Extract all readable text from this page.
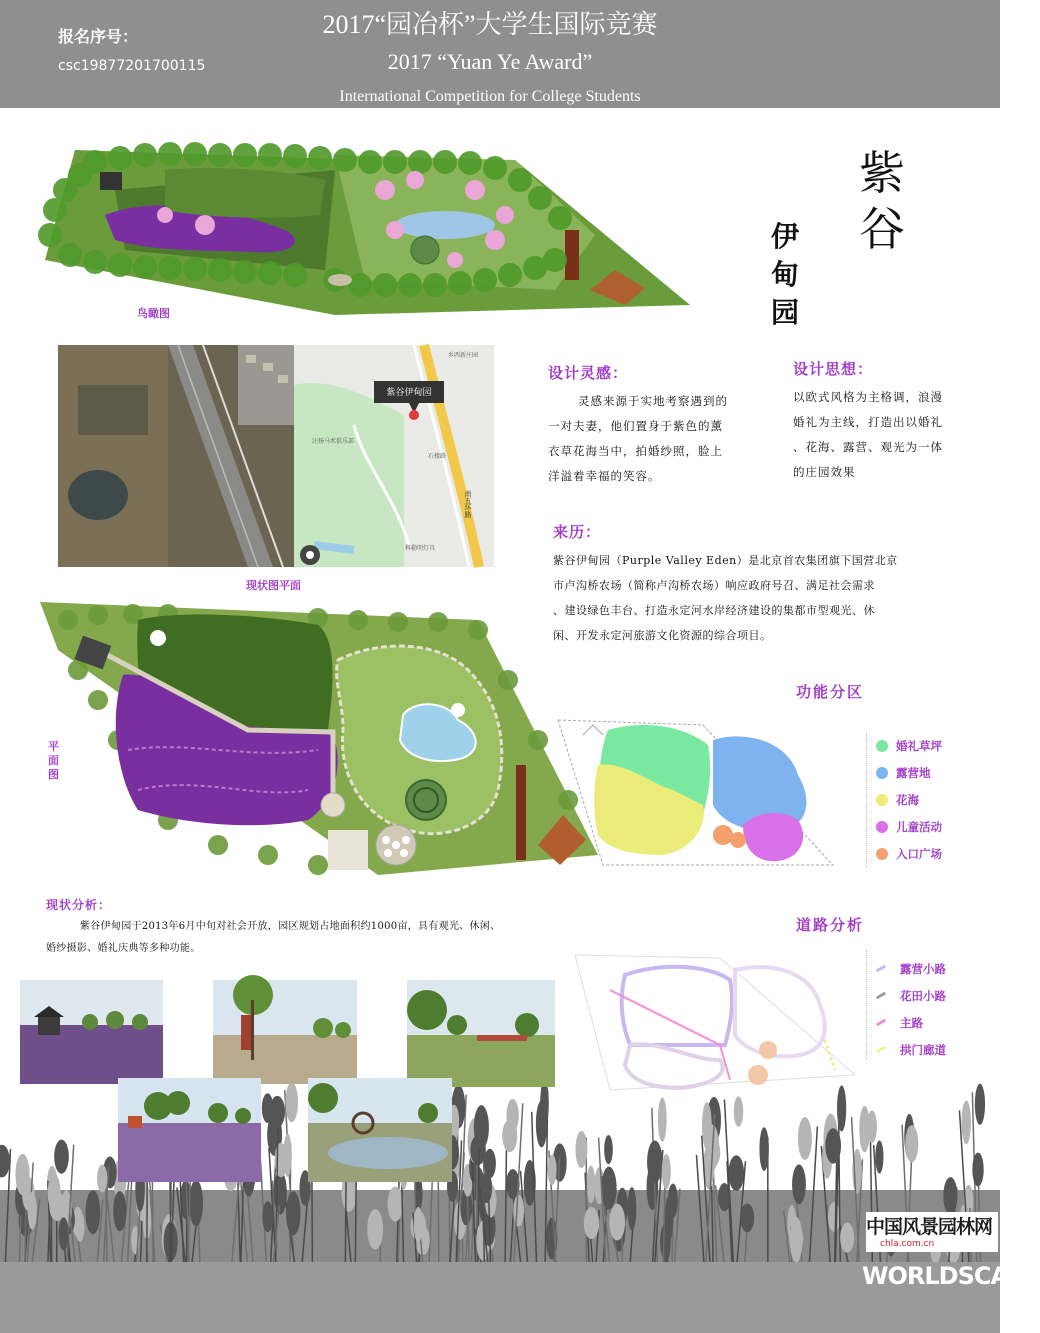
报名序号：
csc19877201700115
2017“园冶杯”大学生国际竞赛
2017 “Yuan Ye Award”
International Competition for College Students
鸟瞰图
紫
谷
伊
甸
园
紫谷伊甸园
乡西新庄园
南五环路
科勒明灯具
汪扬马术俱乐部
石楼路
现状图平面
设计灵感：
灵感来源于实地考察遇到的
一对夫妻，他们置身于紫色的薰
衣草花海当中，拍婚纱照，脸上
洋溢着幸福的笑容。
设计思想：
以欧式风格为主格调，浪漫
婚礼为主线，打造出以婚礼
、花海、露营、观光为一体
的庄园效果
来历：
紫谷伊甸园（Purple Valley Eden）是北京首农集团旗下国营北京
市卢沟桥农场（简称卢沟桥农场）响应政府号召、满足社会需求
、建设绿色丰台、打造永定河水岸经济建设的集都市型观光、休
闲、开发永定河旅游文化资源的综合项目。
平
面
图
功能分区
婚礼草坪
露营地
花海
儿童活动
入口广场
现状分析：
紫谷伊甸园于2013年6月中旬对社会开放，园区规划占地面积约1000亩，具有观光、休闲、
婚纱摄影、婚礼庆典等多种功能。
道路分析
露营小路
花田小路
主路
拱门廊道
中国风景园林网
chla.com.cn
WORLDSCAPE
